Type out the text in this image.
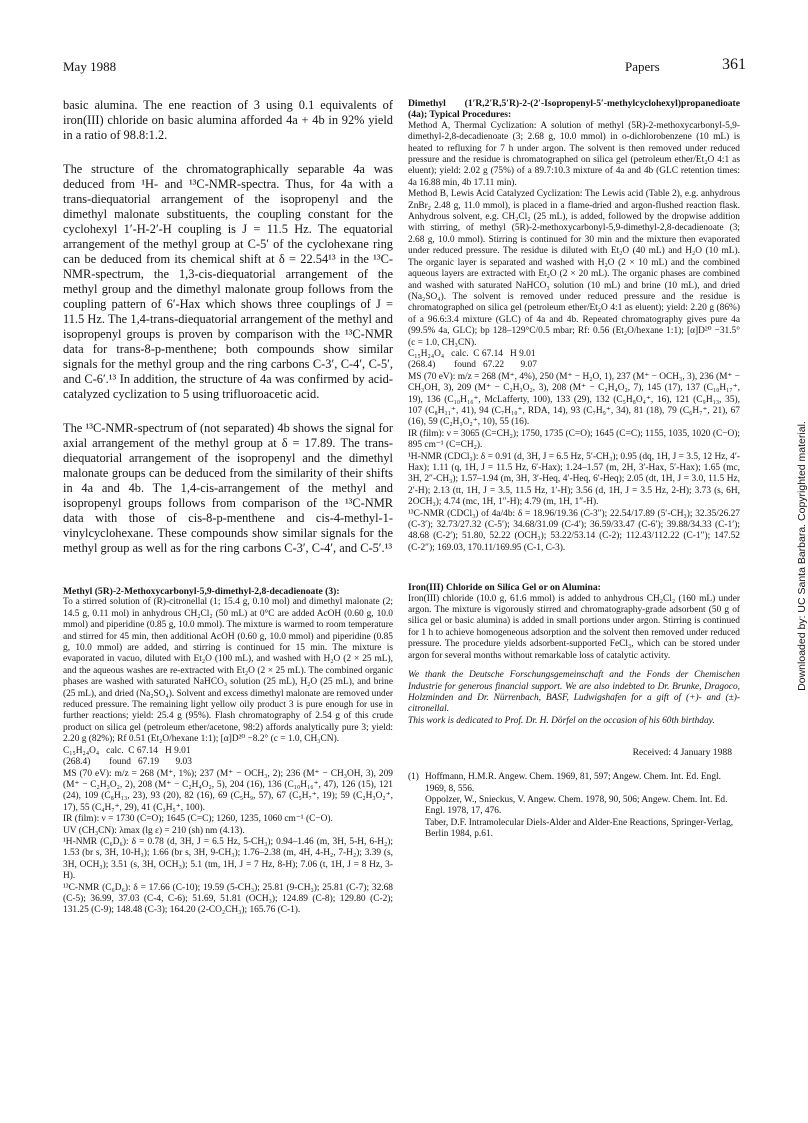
May 1988	Papers	361
Downloaded by: UC Santa Barbara. Copyrighted material.

basic alumina. The ene reaction of 3 using 0.1 equivalents of iron(III) chloride on basic alumina afforded 4a + 4b in 92% yield in a ratio of 98.8:1.2.

The structure of the chromatographically separable 4a was deduced from ¹H- and ¹³C-NMR-spectra. Thus, for 4a with a trans-diequatorial arrangement of the isopropenyl and the dimethyl malonate substituents, the coupling constant for the cyclohexyl 1′-H-2′-H coupling is J = 11.5 Hz. The equatorial arrangement of the methyl group at C-5′ of the cyclohexane ring can be deduced from its chemical shift at δ = 22.54¹³ in the ¹³C-NMR-spectrum, the 1,3-cis-diequatorial arrangement of the methyl group and the dimethyl malonate group follows from the coupling pattern of 6′-Hax which shows three couplings of J = 11.5 Hz. The 1,4-trans-diequatorial arrangement of the methyl and isopropenyl groups is proven by comparison with the ¹³C-NMR data for trans-8-p-menthene; both compounds show similar signals for the methyl group and the ring carbons C-3′, C-4′, C-5′, and C-6′.¹³ In addition, the structure of 4a was confirmed by acid-catalyzed cyclization to 5 using trifluoroacetic acid.

The ¹³C-NMR-spectrum of (not separated) 4b shows the signal for axial arrangement of the methyl group at δ = 17.89. The trans-diequatorial arrangement of the isopropenyl and the dimethyl malonate groups can be deduced from the similarity of their shifts in 4a and 4b. The 1,4-cis-arrangement of the methyl and isopropenyl groups follows from comparison of the ¹³C-NMR data with those of cis-8-p-menthene and cis-4-methyl-1-vinylcyclohexane. These compounds show similar signals for the methyl group as well as for the ring carbons C-3′, C-4′, and C-5′.¹³

Methyl (5R)-2-Methoxycarbonyl-5,9-dimethyl-2,8-decadienoate (3):

To a stirred solution of (R)-citronellal (1; 15.4 g, 0.10 mol) and dimethyl malonate (2; 14.5 g, 0.11 mol) in anhydrous CH₂Cl₂ (50 mL) at 0°C are added AcOH (0.60 g, 10.0 mmol) and piperidine (0.85 g, 10.0 mmol). The mixture is warmed to room temperature and stirred for 45 min, then additional AcOH (0.60 g, 10.0 mmol) and piperidine (0.85 g, 10.0 mmol) are added, and stirring is continued for 15 min. The mixture is evaporated in vacuo, diluted with Et₂O (100 mL), and washed with H₂O (2 × 25 mL), and the aqueous washes are re-extracted with Et₂O (2 × 25 mL). The combined organic phases are washed with saturated NaHCO₃ solution (25 mL), H₂O (25 mL), and brine (25 mL), and dried (Na₂SO₄). Solvent and excess dimethyl malonate are removed under reduced pressure. The remaining light yellow oily product 3 is pure enough for use in further reactions; yield: 25.4 g (95%). Flash chromatography of 2.54 g of this crude product on silica gel (petroleum ether/acetone, 98:2) affords analytically pure 3; yield: 2.20 g (82%); Rf 0.51 (Et₂O/hexane 1:1); [α]D²⁰ −8.2° (c = 1.0, CH₃CN).

C₁₅H₂₄O₄   calc.  C 67.14   H 9.01

(268.4)        found   67.19       9.03

MS (70 eV): m/z = 268 (M⁺, 1%); 237 (M⁺ − OCH₃, 2); 236 (M⁺ − CH₃OH, 3), 209 (M⁺ − C₂H₃O₂, 2), 208 (M⁺ − C₂H₄O₂, 5), 204 (16), 136 (C₁₀H₁₆⁺, 47), 126 (15), 121 (24), 109 (C₈H₁₃, 23), 93 (20), 82 (16), 69 (C₅H₉, 57), 67 (C₅H₇⁺, 19); 59 (C₂H₃O₂⁺, 17), 55 (C₄H₇⁺, 29), 41 (C₃H₅⁺, 100).

IR (film): ν = 1730 (C=O); 1645 (C=C); 1260, 1235, 1060 cm⁻¹ (C−O).

UV (CH₃CN): λmax (lg ε) = 210 (sh) nm (4.13).

¹H-NMR (C₆D₆): δ = 0.78 (d, 3H, J = 6.5 Hz, 5-CH₃); 0.94–1.46 (m, 3H, 5-H, 6-H₂); 1.53 (br s, 3H, 10-H₃); 1.66 (br s, 3H, 9-CH₃); 1.76–2.38 (m, 4H, 4-H₂, 7-H₂); 3.39 (s, 3H, OCH₃); 3.51 (s, 3H, OCH₃); 5.1 (tm, 1H, J = 7 Hz, 8-H); 7.06 (t, 1H, J = 8 Hz, 3-H).

¹³C-NMR (C₆D₆): δ = 17.66 (C-10); 19.59 (5-CH₃); 25.81 (9-CH₃); 25.81 (C-7); 32.68 (C-5); 36.99, 37.03 (C-4, C-6); 51.69, 51.81 (OCH₃); 124.89 (C-8); 129.80 (C-2); 131.25 (C-9); 148.48 (C-3); 164.20 (2-CO₂CH₃); 165.76 (C-1).

Dimethyl (1′R,2′R,5′R)-2-(2′-Isopropenyl-5′-methylcyclohexyl)propanedioate (4a); Typical Procedures:

Method A, Thermal Cyclization: A solution of methyl (5R)-2-methoxycarbonyl-5,9-dimethyl-2,8-decadienoate (3; 2.68 g, 10.0 mmol) in o-dichlorobenzene (10 mL) is heated to refluxing for 7 h under argon. The solvent is then removed under reduced pressure and the residue is chromatographed on silica gel (petroleum ether/Et₂O 4:1 as eluent); yield: 2.02 g (75%) of a 89.7:10.3 mixture of 4a and 4b (GLC retention times: 4a 16.88 min, 4b 17.11 min).

Method B, Lewis Acid Catalyzed Cyclization: The Lewis acid (Table 2), e.g. anhydrous ZnBr₂ 2.48 g, 11.0 mmol), is placed in a flame-dried and argon-flushed reaction flask. Anhydrous solvent, e.g. CH₂Cl₂ (25 mL), is added, followed by the dropwise addition with stirring, of methyl (5R)-2-methoxycarbonyl-5,9-dimethyl-2,8-decadienoate (3; 2.68 g, 10.0 mmol). Stirring is continued for 30 min and the mixture then evaporated under reduced pressure. The residue is diluted with Et₂O (40 mL) and H₂O (10 mL). The organic layer is separated and washed with H₂O (2 × 10 mL) and the combined aqueous layers are extracted with Et₂O (2 × 20 mL). The organic phases are combined and washed with saturated NaHCO₃ solution (10 mL) and brine (10 mL), and dried (Na₂SO₄). The solvent is removed under reduced pressure and the residue is chromatographed on silica gel (petroleum ether/Et₂O 4:1 as eluent); yield: 2.20 g (86%) of a 96.6:3.4 mixture (GLC) of 4a and 4b. Repeated chromatography gives pure 4a (99.5% 4a, GLC); bp 128–129°C/0.5 mbar; Rf: 0.56 (Et₂O/hexane 1:1); [α]D²⁰ −31.5° (c = 1.0, CH₃CN).

C₁₅H₂₄O₄   calc.  C 67.14   H 9.01

(268.4)        found   67.22       9.07

MS (70 eV): m/z = 268 (M⁺, 4%), 250 (M⁺ − H₂O, 1), 237 (M⁺ − OCH₃, 3), 236 (M⁺ − CH₃OH, 3), 209 (M⁺ − C₂H₃O₂, 3), 208 (M⁺ − C₂H₄O₂, 7), 145 (17), 137 (C₁₀H₁₇⁺, 19), 136 (C₁₀H₁₆⁺, McLafferty, 100), 133 (29), 132 (C₅H₈O₄⁺, 16), 121 (C₉H₁₃, 35), 107 (C₈H₁₁⁺, 41), 94 (C₇H₁₀⁺, RDA, 14), 93 (C₇H₉⁺, 34), 81 (18), 79 (C₆H₇⁺, 21), 67 (16), 59 (C₂H₃O₂⁺, 10), 55 (16).

IR (film): ν = 3065 (C=CH₂); 1750, 1735 (C=O); 1645 (C=C); 1155, 1035, 1020 (C−O); 895 cm⁻¹ (C=CH₂).

¹H-NMR (CDCl₃): δ = 0.91 (d, 3H, J = 6.5 Hz, 5′-CH₃); 0.95 (dq, 1H, J = 3.5, 12 Hz, 4′-Hax); 1.11 (q, 1H, J = 11.5 Hz, 6′-Hax); 1.24–1.57 (m, 2H, 3′-Hax, 5′-Hax); 1.65 (mc, 3H, 2″-CH₃); 1.57–1.94 (m, 3H, 3′-Heq, 4′-Heq, 6′-Heq); 2.05 (dt, 1H, J = 3.0, 11.5 Hz, 2′-H); 2.13 (tt, 1H, J = 3.5, 11.5 Hz, 1′-H); 3.56 (d, 1H, J = 3.5 Hz, 2-H); 3.73 (s, 6H, 2OCH₃); 4.74 (mc, 1H, 1″-H); 4.79 (m, 1H, 1″-H).

¹³C-NMR (CDCl₃) of 4a/4b: δ = 18.96/19.36 (C-3″); 22.54/17.89 (5′-CH₃); 32.35/26.27 (C-3′); 32.73/27.32 (C-5′); 34.68/31.09 (C-4′); 36.59/33.47 (C-6′); 39.88/34.33 (C-1′); 48.68 (C-2′); 51.80, 52.22 (OCH₃); 53.22/53.14 (C-2); 112.43/112.22 (C-1″); 147.52 (C-2″); 169.03, 170.11/169.95 (C-1, C-3).

Iron(III) Chloride on Silica Gel or on Alumina:

Iron(III) chloride (10.0 g, 61.6 mmol) is added to anhydrous CH₂Cl₂ (160 mL) under argon. The mixture is vigorously stirred and chromatography-grade adsorbent (50 g of silica gel or basic alumina) is added in small portions under argon. Stirring is continued for 1 h to achieve homogeneous adsorption and the solvent then removed under reduced pressure. The procedure yields adsorbent-supported FeCl₃, which can be stored under argon for several months without remarkable loss of catalytic activity.

We thank the Deutsche Forschungsgemeinschaft and the Fonds der Chemischen Industrie for generous financial support. We are also indebted to Dr. Brunke, Dragoco, Holzminden and Dr. Nürrenbach, BASF, Ludwigshafen for a gift of (+)- and (±)-citronellal.

This work is dedicated to Prof. Dr. H. Dörfel on the occasion of his 60th birthday.

Received: 4 January 1988

(1) Hoffmann, H.M.R. Angew. Chem. 1969, 81, 597; Angew. Chem. Int. Ed. Engl. 1969, 8, 556.

Oppolzer, W., Snieckus, V. Angew. Chem. 1978, 90, 506; Angew. Chem. Int. Ed. Engl. 1978, 17, 476.

Taber, D.F. Intramolecular Diels-Alder and Alder-Ene Reactions, Springer-Verlag, Berlin 1984, p.61.
